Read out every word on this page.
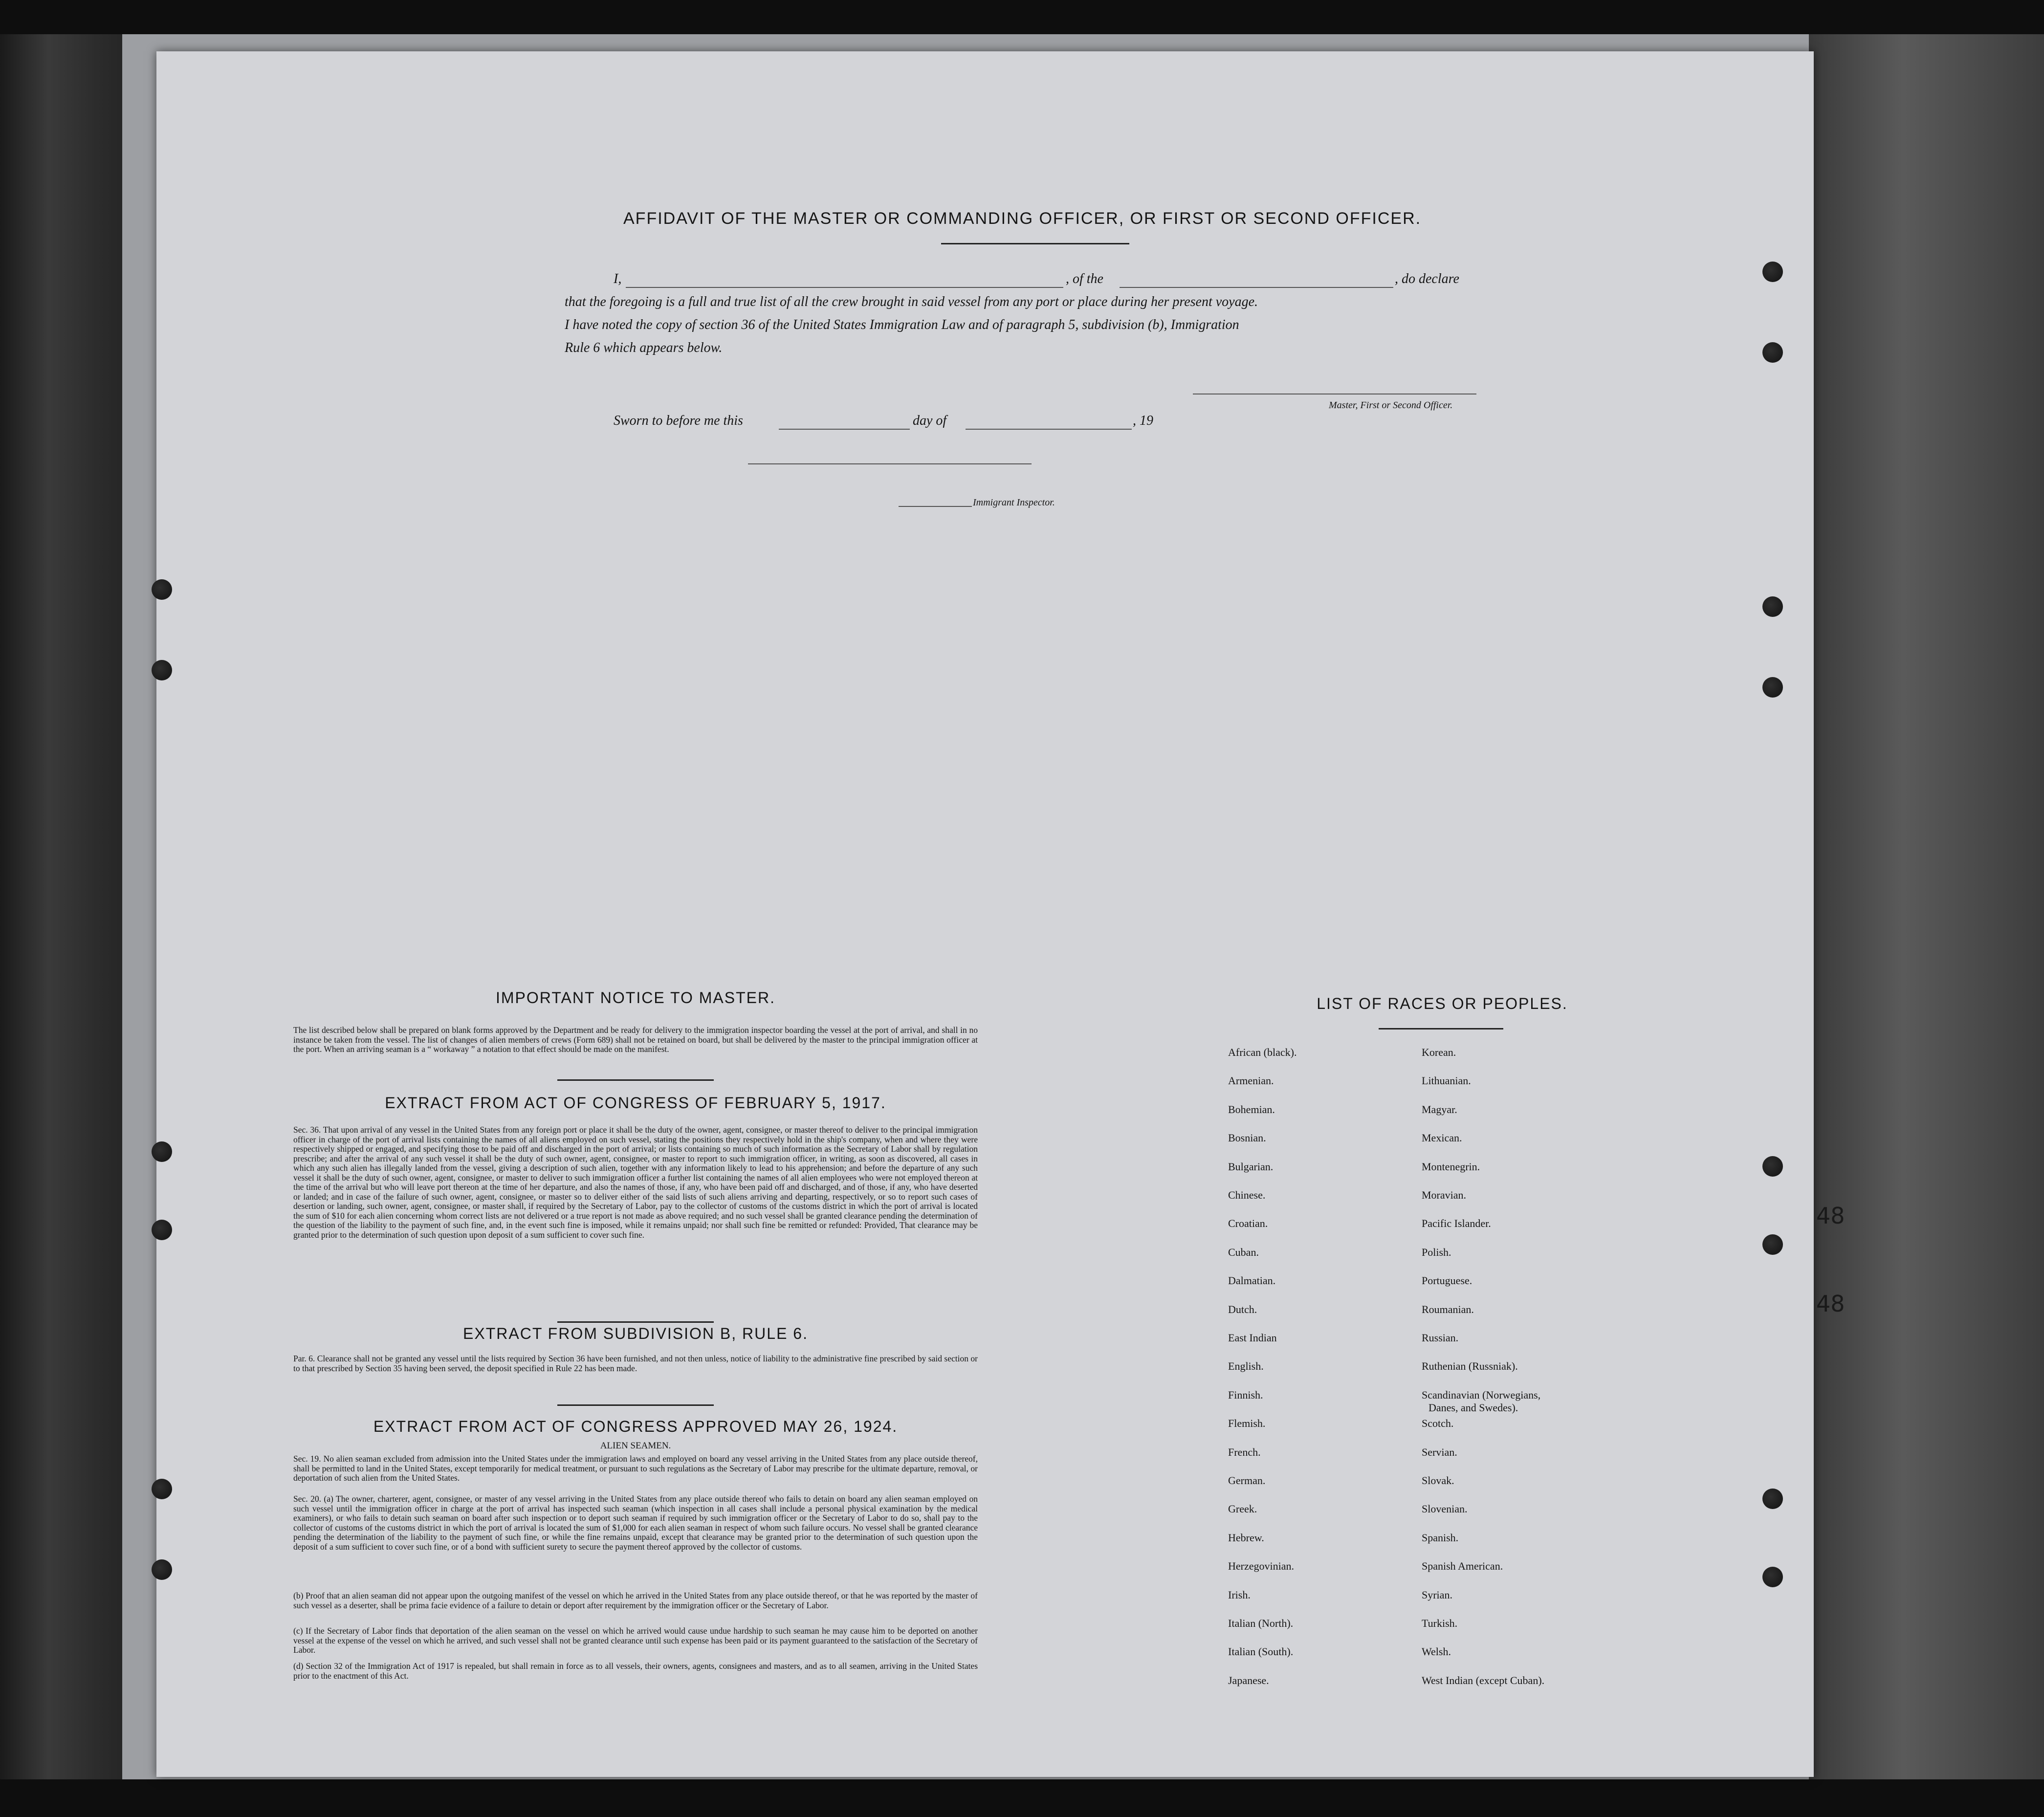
48
48
AFFIDAVIT OF THE MASTER OR COMMANDING OFFICER, OR FIRST OR SECOND OFFICER.
I,	, of the	, do declare
that the foregoing is a full and true list of all the crew brought in said vessel from any port or place during her present voyage.
I have noted the copy of section 36 of the United States Immigration Law and of paragraph 5, subdivision (b), Immigration
Rule 6 which appears below.
Master, First or Second Officer.
Sworn to before me this	day of	, 19
Immigrant Inspector.
IMPORTANT NOTICE TO MASTER.
The list described below shall be prepared on blank forms approved by the Department and be ready for delivery to the immigration inspector boarding the vessel at the port of arrival, and shall in no instance be taken from the vessel. The list of changes of alien members of crews (Form 689) shall not be retained on board, but shall be delivered by the master to the principal immigration officer at the port. When an arriving seaman is a “ workaway ” a notation to that effect should be made on the manifest.
EXTRACT FROM ACT OF CONGRESS OF FEBRUARY 5, 1917.
Sec. 36. That upon arrival of any vessel in the United States from any foreign port or place it shall be the duty of the owner, agent, consignee, or master thereof to deliver to the principal immigration officer in charge of the port of arrival lists containing the names of all aliens employed on such vessel, stating the positions they respectively hold in the ship's company, when and where they were respectively shipped or engaged, and specifying those to be paid off and discharged in the port of arrival; or lists containing so much of such information as the Secretary of Labor shall by regulation prescribe; and after the arrival of any such vessel it shall be the duty of such owner, agent, consignee, or master to report to such immigration officer, in writing, as soon as discovered, all cases in which any such alien has illegally landed from the vessel, giving a description of such alien, together with any information likely to lead to his apprehension; and before the departure of any such vessel it shall be the duty of such owner, agent, consignee, or master to deliver to such immigration officer a further list containing the names of all alien employees who were not employed thereon at the time of the arrival but who will leave port thereon at the time of her departure, and also the names of those, if any, who have been paid off and discharged, and of those, if any, who have deserted or landed; and in case of the failure of such owner, agent, consignee, or master so to deliver either of the said lists of such aliens arriving and departing, respectively, or so to report such cases of desertion or landing, such owner, agent, consignee, or master shall, if required by the Secretary of Labor, pay to the collector of customs of the customs district in which the port of arrival is located the sum of $10 for each alien concerning whom correct lists are not delivered or a true report is not made as above required; and no such vessel shall be granted clearance pending the determination of the question of the liability to the payment of such fine, and, in the event such fine is imposed, while it remains unpaid; nor shall such fine be remitted or refunded: Provided, That clearance may be granted prior to the determination of such question upon deposit of a sum sufficient to cover such fine.
EXTRACT FROM SUBDIVISION B, RULE 6.
Par. 6. Clearance shall not be granted any vessel until the lists required by Section 36 have been furnished, and not then unless, notice of liability to the administrative fine prescribed by said section or to that prescribed by Section 35 having been served, the deposit specified in Rule 22 has been made.
EXTRACT FROM ACT OF CONGRESS APPROVED MAY 26, 1924.
ALIEN SEAMEN.
Sec. 19. No alien seaman excluded from admission into the United States under the immigration laws and employed on board any vessel arriving in the United States from any place outside thereof, shall be permitted to land in the United States, except temporarily for medical treatment, or pursuant to such regulations as the Secretary of Labor may prescribe for the ultimate departure, removal, or deportation of such alien from the United States.
Sec. 20. (a) The owner, charterer, agent, consignee, or master of any vessel arriving in the United States from any place outside thereof who fails to detain on board any alien seaman employed on such vessel until the immigration officer in charge at the port of arrival has inspected such seaman (which inspection in all cases shall include a personal physical examination by the medical examiners), or who fails to detain such seaman on board after such inspection or to deport such seaman if required by such immigration officer or the Secretary of Labor to do so, shall pay to the collector of customs of the customs district in which the port of arrival is located the sum of $1,000 for each alien seaman in respect of whom such failure occurs. No vessel shall be granted clearance pending the determination of the liability to the payment of such fine, or while the fine remains unpaid, except that clearance may be granted prior to the determination of such question upon the deposit of a sum sufficient to cover such fine, or of a bond with sufficient surety to secure the payment thereof approved by the collector of customs.
(b) Proof that an alien seaman did not appear upon the outgoing manifest of the vessel on which he arrived in the United States from any place outside thereof, or that he was reported by the master of such vessel as a deserter, shall be prima facie evidence of a failure to detain or deport after requirement by the immigration officer or the Secretary of Labor.
(c) If the Secretary of Labor finds that deportation of the alien seaman on the vessel on which he arrived would cause undue hardship to such seaman he may cause him to be deported on another vessel at the expense of the vessel on which he arrived, and such vessel shall not be granted clearance until such expense has been paid or its payment guaranteed to the satisfaction of the Secretary of Labor.
(d) Section 32 of the Immigration Act of 1917 is repealed, but shall remain in force as to all vessels, their owners, agents, consignees and masters, and as to all seamen, arriving in the United States prior to the enactment of this Act.
LIST OF RACES OR PEOPLES.
African (black).
Armenian.
Bohemian.
Bosnian.
Bulgarian.
Chinese.
Croatian.
Cuban.
Dalmatian.
Dutch.
East Indian
English.
Finnish.
Flemish.
French.
German.
Greek.
Hebrew.
Herzegovinian.
Irish.
Italian (North).
Italian (South).
Japanese.
Korean.
Lithuanian.
Magyar.
Mexican.
Montenegrin.
Moravian.
Pacific Islander.
Polish.
Portuguese.
Roumanian.
Russian.
Ruthenian (Russniak).
Scandinavian (Norwegians,
Danes, and Swedes).
Scotch.
Servian.
Slovak.
Slovenian.
Spanish.
Spanish American.
Syrian.
Turkish.
Welsh.
West Indian (except Cuban).
